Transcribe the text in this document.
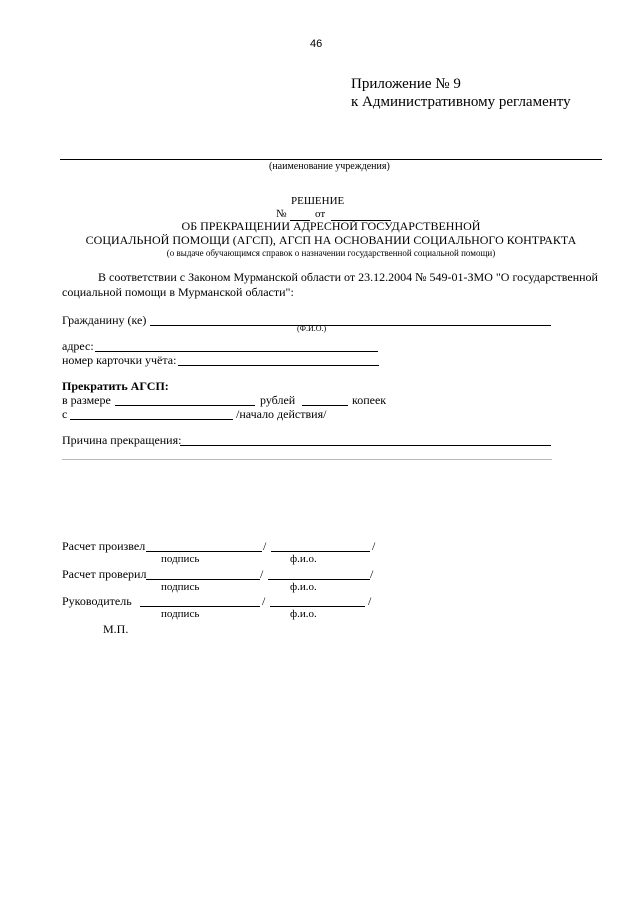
46
Приложение № 9
к Административному регламенту
(наименование учреждения)
РЕШЕНИЕ
№	от
ОБ ПРЕКРАЩЕНИИ АДРЕСНОЙ ГОСУДАРСТВЕННОЙ
СОЦИАЛЬНОЙ ПОМОЩИ (АГСП), АГСП НА ОСНОВАНИИ СОЦИАЛЬНОГО КОНТРАКТА
(о выдаче обучающимся справок о назначении государственной социальной помощи)
В соответствии с Законом Мурманской области от 23.12.2004 № 549-01-ЗМО "О государственной
социальной помощи в Мурманской области":
Гражданину (ке)
(Ф.И.О.)
адрес:
номер карточки учёта:
Прекратить АГСП:
в размере	рублей	копеек
с	/начало действия/
Причина прекращения:
Расчет произвел	/	/
подпись	ф.и.о.
Расчет проверил	/	/
подпись	ф.и.о.
Руководитель	/	/
подпись	ф.и.о.
М.П.
